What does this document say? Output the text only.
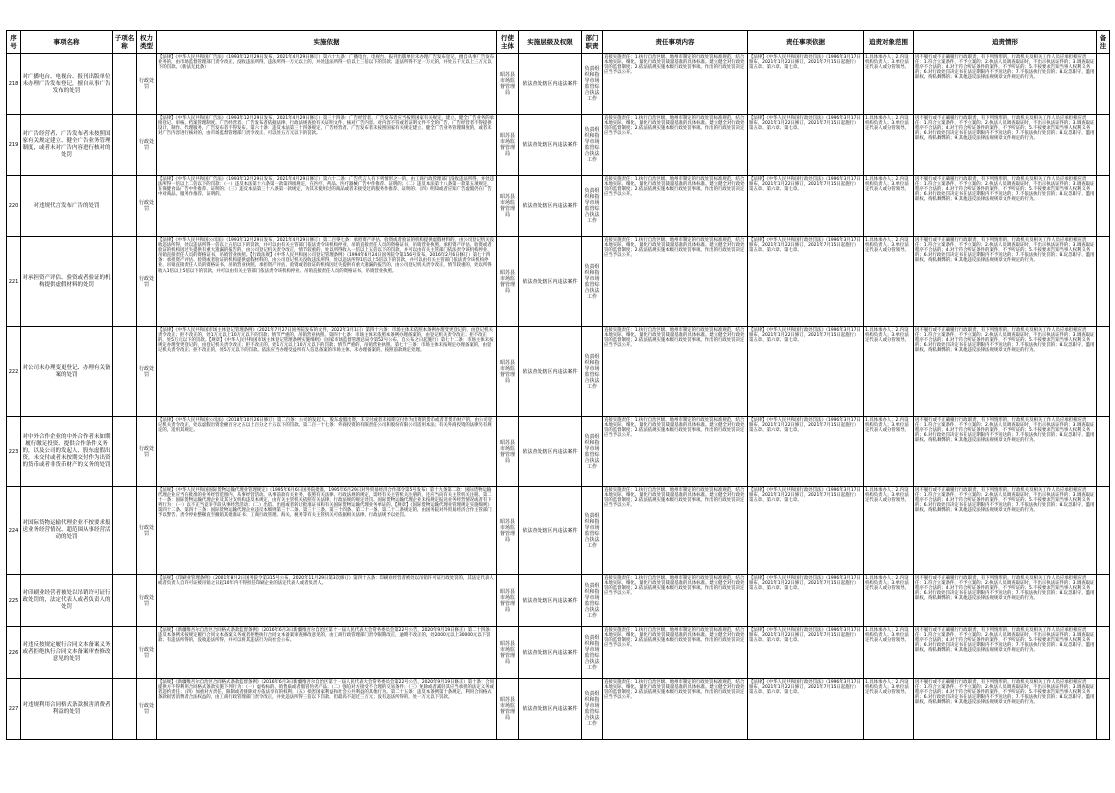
序号	事项名称	子项名称	权力类型	实施依据	行使主体	实施层级及权限	部门职责	责任事项内容	责任事项依据	追责对象范围	追责情形	备注
218	对广播电台、电视台、报刊出版单位未办理广告发布登记，擅自从事广告发布的处罚		行政处罚	【法律】《中华人民共和国广告法》（1993年12月29日发布，2021年4月29日修订）第六十九条：广播电台、电视台、报刊出版单位未办理广告发布登记，擅自从事广告发布业务的，由市场监督管理部门责令改正，没收违法所得，违法所得一万元以上的，并处违法所得一倍以上三倍以下的罚款；违法所得不足一万元的，并处五千元以上三万元以下的罚款。（新法无此条）	昭苏县市场监督管理局	依法查处辖区内违法案件	负责组织和指导市场监管综合执法工作	直接实施责任：1.执行自治区级、地州市制定的行政处罚标准规范，结合本地实际，细化、量化行政处罚裁量基准的具体标准。建立健全对行政处罚的监督制度；2.依法依规实施本级行政处罚事项。作出的行政处罚决定应当予以公开。	【法律】《中华人民共和国行政处罚法》（1996年3月17日颁布，2021年1月22日修订，2021年7月15日起施行）第五章、第六章、第七章。	1.具体承办人；2.内设机构负责人；3.单位法定代表人或分管领导。	因不履行或不正确履行行政职责，有下列情形的，行政机关及相关工作人员应承担相应责任：1.符合立案条件，不予立案的；2.执法人员调查取证时，不出示执法证件的；3.调查取证程序不合法的；4.对于符合听证条件的案件，不予听证的；5.不按要求告知当事人权利义务的；6.对行政处罚决定书在法定期限内不予送达的；7.不依法执行处罚的；8.玩忽职守、滥用职权、徇私舞弊的；9.其他违反法律法规规章文件规定的行为。	
219	对广告经营者、广告发布者未按照国家有关规定建立、健全广告业务管理制度，或者未对广告内容进行核对的处罚		行政处罚	【法律】《中华人民共和国广告法》（1993年12月29日发布，2021年4月29日修订）第三十四条：广告经营者、广告发布者应当按照国家有关规定，建立、健全广告业务的承接登记、审核、档案管理制度。广告经营者、广告发布者依据法律、行政法规查验有关证明文件，核对广告内容。对内容不符或者证明文件不全的广告，广告经营者不得提供设计、制作、代理服务，广告发布者不得发布。第六十条：违反本法第三十四条规定，广告经营者、广告发布者未按照国家有关规定建立、健全广告业务管理制度的，或者未对广告内容进行核对的，由市场监督管理部门责令改正，可以处五万元以下的罚款。	昭苏县市场监督管理局	依法查处辖区内违法案件	负责组织和指导市场监管综合执法工作	直接实施责任：1.执行自治区级、地州市制定的行政处罚标准规范，结合本地实际，细化、量化行政处罚裁量基准的具体标准。建立健全对行政处罚的监督制度；2.依法依规实施本级行政处罚事项。作出的行政处罚决定应当予以公开。	【法律】《中华人民共和国行政处罚法》（1996年3月17日颁布，2021年1月22日修订，2021年7月15日起施行）第五章、第六章、第七章。	1.具体承办人；2.内设机构负责人；3.单位法定代表人或分管领导。	因不履行或不正确履行行政职责，有下列情形的，行政机关及相关工作人员应承担相应责任：1.符合立案条件，不予立案的；2.执法人员调查取证时，不出示执法证件的；3.调查取证程序不合法的；4.对于符合听证条件的案件，不予听证的；5.不按要求告知当事人权利义务的；6.对行政处罚决定书在法定期限内不予送达的；7.不依法执行处罚的；8.玩忽职守、滥用职权、徇私舞弊的；9.其他违反法律法规规章文件规定的行为。	
220	对违规代言发布广告的处罚		行政处罚	【法律】《中华人民共和国广告法》（1993年12月29日发布，2021年4月29日修订）第六十二条：广告代言人有下列情形之一的，由工商行政管理部门没收违法所得，并处违法所得一倍以上二倍以下的罚款：（一）违反本法第十六条第一款第四项规定，在医疗、药品、医疗器械广告中作推荐、证明的；（二）违反本法第十八条第一款第五项规定，在保健食品广告中作推荐、证明的；（三）违反本法第三十八条第一款规定，为其未使用过的商品或者未接受过的服务作推荐、证明的；（四）明知或者应知广告虚假仍在广告中对商品、服务作推荐、证明的。	昭苏县市场监督管理局	依法查处辖区内违法案件	负责组织和指导市场监管综合执法工作	直接实施责任：1.执行自治区级、地州市制定的行政处罚标准规范，结合本地实际，细化、量化行政处罚裁量基准的具体标准。建立健全对行政处罚的监督制度；2.依法依规实施本级行政处罚事项。作出的行政处罚决定应当予以公开。	【法律】《中华人民共和国行政处罚法》（1996年3月17日颁布，2021年1月22日修订，2021年7月15日起施行）第五章、第六章、第七章。	1.具体承办人；2.内设机构负责人；3.单位法定代表人或分管领导。	因不履行或不正确履行行政职责，有下列情形的，行政机关及相关工作人员应承担相应责任：1.符合立案条件，不予立案的；2.执法人员调查取证时，不出示执法证件的；3.调查取证程序不合法的；4.对于符合听证条件的案件，不予听证的；5.不按要求告知当事人权利义务的；6.对行政处罚决定书在法定期限内不予送达的；7.不依法执行处罚的；8.玩忽职守、滥用职权、徇私舞弊的；9.其他违反法律法规规章文件规定的行为。	
221	对承担资产评估、验资或者验证的机构提供虚假材料的处罚		行政处罚	【法律】《中华人民共和国公司法》（1993年12月29日发布，2021年4月29日修订）第二百零七条：承担资产评估、验资或者验证的机构提供虚假材料的，由公司登记机关没收违法所得，处以违法所得一倍以上五倍以下的罚款，并可以由有关主管部门依法责令该机构停业、吊销直接责任人员的资格证书，吊销营业执照。承担资产评估、验资或者验证的机构因过失提供有重大遗漏的报告的，由公司登记机关责令改正，情节较重的，处以所得收入一倍以上五倍以下的罚款，并可以由有关主管部门依法责令该机构停业、吊销直接责任人员的资格证书，吊销营业执照。【行政法规】《中华人民共和国公司登记管理条例》（1994年6月24日国务院令第156号发布，2016年2月6日修订）第七十四条：承担资产评估、验资或者验证的机构提供虚假材料的，由公司登记机关没收违法所得，处以违法所得1倍以上5倍以下的罚款，并可以由有关主管部门依法责令该机构停业、吊销直接责任人员的资格证书，吊销营业执照。承担资产评估、验资或者验证的机构因过失提供有重大遗漏的报告的，由公司登记机关责令改正，情节较重的，处以所得收入1倍以上5倍以下的罚款，并可以由有关主管部门依法责令该机构停业、吊销直接责任人员的资格证书，吊销营业执照。	昭苏县市场监督管理局	依法查处辖区内违法案件	负责组织和指导市场监管综合执法工作	直接实施责任：1.执行自治区级、地州市制定的行政处罚标准规范，结合本地实际，细化、量化行政处罚裁量基准的具体标准。建立健全对行政处罚的监督制度；2.依法依规实施本级行政处罚事项。作出的行政处罚决定应当予以公开。	【法律】《中华人民共和国行政处罚法》（1996年3月17日颁布，2021年1月22日修订，2021年7月15日起施行）第五章、第六章、第七章。	1.具体承办人；2.内设机构负责人；3.单位法定代表人或分管领导。	因不履行或不正确履行行政职责，有下列情形的，行政机关及相关工作人员应承担相应责任：1.符合立案条件，不予立案的；2.执法人员调查取证时，不出示执法证件的；3.调查取证程序不合法的；4.对于符合听证条件的案件，不予听证的；5.不按要求告知当事人权利义务的；6.对行政处罚决定书在法定期限内不予送达的；7.不依法执行处罚的；8.玩忽职守、滥用职权、徇私舞弊的；9.其他违反法律法规规章文件规定的行为。	
222	对公司未办理变更登记、办理有关备案的处罚		行政处罚	【法律】《中华人民共和国市场主体登记管理条例》（2021年7月27日国务院发布的文件，2022年3月1日）第四十六条：市场主体未依照本条例办理变更登记的，由登记机关责令改正；拒不改正的，处1万元以上10万元以下的罚款；情节严重的，吊销营业执照。第四十七条：市场主体未依照本条例办理备案的，由登记机关责令改正；拒不改正的，处5万元以下的罚款。【规章】《中华人民共和国市场主体登记管理条例实施细则》（国家市场监督管理总局令第52号公布，自公布之日起施行）第七十二条：市场主体未按规定办理变更登记的，由登记机关责令改正；拒不改正的，处1万元以上10万元以下的罚款；情节严重的，吊销营业执照。第七十三条：市场主体未按规定办理备案的，由登记机关责令改正；拒不改正的，处5万元以下的罚款。依法应当办理受益所有人信息备案的市场主体，未办理备案的，按照前款规定处理。	昭苏县市场监督管理局	依法查处辖区内违法案件	负责组织和指导市场监管综合执法工作	直接实施责任：1.执行自治区级、地州市制定的行政处罚标准规范，结合本地实际，细化、量化行政处罚裁量基准的具体标准。建立健全对行政处罚的监督制度；2.依法依规实施本级行政处罚事项。作出的行政处罚决定应当予以公开。	【法律】《中华人民共和国行政处罚法》（1996年3月17日颁布，2021年1月22日修订，2021年7月15日起施行）第五章、第六章、第七章。	1.具体承办人；2.内设机构负责人；3.单位法定代表人或分管领导。	因不履行或不正确履行行政职责，有下列情形的，行政机关及相关工作人员应承担相应责任：1.符合立案条件，不予立案的；2.执法人员调查取证时，不出示执法证件的；3.调查取证程序不合法的；4.对于符合听证条件的案件，不予听证的；5.不按要求告知当事人权利义务的；6.对行政处罚决定书在法定期限内不予送达的；7.不依法执行处罚的；8.玩忽职守、滥用职权、徇私舞弊的；9.其他违反法律法规规章文件规定的行为。	
223	对中外合作企业的中外合作者未如期履行缴足投资、提供合作条件义务的，以及公司的发起人、股东虚假出资，未交付或者未按期交付作为出资的货币或者非货币财产的义务的处罚		行政处罚	【法律】《中华人民共和国公司法》（2018年10月26日修订）第二百条：公司的发起人、股东虚假出资，未交付或者未按期交付作为出资的货币或者非货币财产的，由公司登记机关责令改正，处以虚假出资金额百分之五以上百分之十五以下的罚款。第二百一十七条：外商投资的有限责任公司和股份有限公司适用本法；有关外商投资的法律另有规定的，适用其规定。	昭苏县市场监督管理局	依法查处辖区内违法案件	负责组织和指导市场监管综合执法工作	直接实施责任：1.执行自治区级、地州市制定的行政处罚标准规范，结合本地实际，细化、量化行政处罚裁量基准的具体标准。建立健全对行政处罚的监督制度；2.依法依规实施本级行政处罚事项。作出的行政处罚决定应当予以公开。	【法律】《中华人民共和国行政处罚法》（1996年3月17日颁布，2021年1月22日修订，2021年7月15日起施行）第五章、第六章、第七章。	1.具体承办人；2.内设机构负责人；3.单位法定代表人或分管领导。	因不履行或不正确履行行政职责，有下列情形的，行政机关及相关工作人员应承担相应责任：1.符合立案条件，不予立案的；2.执法人员调查取证时，不出示执法证件的；3.调查取证程序不合法的；4.对于符合听证条件的案件，不予听证的；5.不按要求告知当事人权利义务的；6.对行政处罚决定书在法定期限内不予送达的；7.不依法执行处罚的；8.玩忽职守、滥用职权、徇私舞弊的；9.其他违反法律法规规章文件规定的行为。	
224	对国际货物运输代理企业不按要求报送业务经营情况、超范围从事经营活动的处罚		行政处罚	【法规】《中华人民共和国国际货物运输代理业管理规定》（1995年6月6日国务院批准，1995年6月29日对外贸易经济合作部令第5号发布）第十九条第二款：国际货物运输代理企业应当在批准的业务经营范围内，从事经营活动。从事前款有关业务，依照有关法律、行政法规的规定，需经有关主管机关注册的，还应当向有关主管机关注册。第二十一条：国际货物运输代理企业及其分支机构违反本规定，由有关主管机关依照有关法律、行政法规的规定处罚。国际货物运输代理企业未按规定报送业务经营情况或者有下列行为：（一）以不正当竞争手段从事经营活动；（二）出借、出租或者转让批准证书和有关国际货物运输代理业务单证的。【规章】《国际货物运输代理业管理规定实施细则》第四十二条、第四十三条：国际货物运输代理企业违反本细则第三十二条、第三十三条、第三十四条、第二十一条、第二十二条规定的，由国务院对外贸易经济合作主管部门予以警告、责令停业整顿直至撤销其批准证书；工商行政管理、海关、税务等有关主管机关可依据相关法律、行政法规予以处罚。	昭苏县市场监督管理局	依法查处辖区内违法案件	负责组织和指导市场监管综合执法工作	直接实施责任：1.执行自治区级、地州市制定的行政处罚标准规范，结合本地实际，细化、量化行政处罚裁量基准的具体标准。建立健全对行政处罚的监督制度；2.依法依规实施本级行政处罚事项。作出的行政处罚决定应当予以公开。	【法律】《中华人民共和国行政处罚法》（1996年3月17日颁布，2021年1月22日修订，2021年7月15日起施行）第五章、第六章、第七章。	1.具体承办人；2.内设机构负责人；3.单位法定代表人或分管领导。	因不履行或不正确履行行政职责，有下列情形的，行政机关及相关工作人员应承担相应责任：1.符合立案条件，不予立案的；2.执法人员调查取证时，不出示执法证件的；3.调查取证程序不合法的；4.对于符合听证条件的案件，不予听证的；5.不按要求告知当事人权利义务的；6.对行政处罚决定书在法定期限内不予送达的；7.不依法执行处罚的；8.玩忽职守、滥用职权、徇私舞弊的；9.其他违反法律法规规章文件规定的行为。	
225	对印刷业经营者被处以吊销许可证行政处罚的，法定代表人或者负责人的处罚		行政处罚	【法规】《印刷业管理条例》（2001年8月2日国务院令第315号公布，2020年11月29日第3次修订）第四十五条：印刷业经营者被处以吊销许可证行政处罚的，其法定代表人或者负责人自许可证被吊销之日起10年内不得担任印刷企业的法定代表人或者负责人。	昭苏县市场监督管理局	依法查处辖区内违法案件	负责组织和指导市场监管综合执法工作	直接实施责任：1.执行自治区级、地州市制定的行政处罚标准规范，结合本地实际，细化、量化行政处罚裁量基准的具体标准。建立健全对行政处罚的监督制度；2.依法依规实施本级行政处罚事项。作出的行政处罚决定应当予以公开。	【法律】《中华人民共和国行政处罚法》（1996年3月17日颁布，2021年1月22日修订，2021年7月15日起施行）第五章、第六章、第七章。	1.具体承办人；2.内设机构负责人；3.单位法定代表人或分管领导。	因不履行或不正确履行行政职责，有下列情形的，行政机关及相关工作人员应承担相应责任：1.符合立案条件，不予立案的；2.执法人员调查取证时，不出示执法证件的；3.调查取证程序不合法的；4.对于符合听证条件的案件，不予听证的；5.不按要求告知当事人权利义务的；6.对行政处罚决定书在法定期限内不予送达的；7.不依法执行处罚的；8.玩忽职守、滥用职权、徇私舞弊的；9.其他违反法律法规规章文件规定的行为。	
226	对违反按规定履行合同文本备案义务或者拒绝执行合同文本备案审查修改意见的处罚		行政处罚	【法规】《新疆维吾尔自治区合同格式条款监督条例》（2016年6月3日新疆维吾尔自治区第十一届人民代表大会常务委员会第22号公告，2020年9月19日修正）第二十四条：违反本条例未按规定履行合同文本备案义务或者拒绝执行合同文本备案审查修改意见的，由工商行政管理部门责令限期改正，逾期不改正的，处2000元以上30000元以下罚款；有违法所得的，没收违法所得，并可以将其违法行为向社会公布。	昭苏县市场监督管理局	依法查处辖区内违法案件	负责组织和指导市场监管综合执法工作	直接实施责任：1.执行自治区级、地州市制定的行政处罚标准规范，结合本地实际，细化、量化行政处罚裁量基准的具体标准。建立健全对行政处罚的监督制度；2.依法依规实施本级行政处罚事项。作出的行政处罚决定应当予以公开。	【法律】《中华人民共和国行政处罚法》（1996年3月17日颁布，2021年1月22日修订，2021年7月15日起施行）第五章、第六章、第七章。	1.具体承办人；2.内设机构负责人；3.单位法定代表人或分管领导。	因不履行或不正确履行行政职责，有下列情形的，行政机关及相关工作人员应承担相应责任：1.符合立案条件，不予立案的；2.执法人员调查取证时，不出示执法证件的；3.调查取证程序不合法的；4.对于符合听证条件的案件，不予听证的；5.不按要求告知当事人权利义务的；6.对行政处罚决定书在法定期限内不予送达的；7.不依法执行处罚的；8.玩忽职守、滥用职权、徇私舞弊的；9.其他违反法律法规规章文件规定的行为。	
227	对违规利用合同格式条款损害消费者利益的处罚		行政处罚	【法规】《新疆维吾尔自治区合同格式条款监督条例》（2016年6月3日新疆维吾尔自治区第十一届人民代表大会常务委员会第22号公告，2020年9月19日修正）第十条：合同提供方不得利用合同格式条款实施下列行为：（一）虚构标的、销售质或者假冒伪劣产品；（二）强迫对方接受不合理的交易条件；（三）免除或者减轻其应当承担的法定义务或者违约责任；（四）加重对方责任、限制或者排除对方依法享有的权利；（五）损害国家利益和社会公共利益的其他行为。第二十五条：违反本条例第十条规定，利用合同格式条款损害消费者合法权益的，由工商行政管理部门责令改正，并处违法所得三倍以下罚款，但最高不超过三万元；没有违法所得的，处一万元以下罚款。	昭苏县市场监督管理局	依法查处辖区内违法案件	负责组织和指导市场监管综合执法工作	直接实施责任：1.执行自治区级、地州市制定的行政处罚标准规范，结合本地实际，细化、量化行政处罚裁量基准的具体标准。建立健全对行政处罚的监督制度；2.依法依规实施本级行政处罚事项。作出的行政处罚决定应当予以公开。	【法律】《中华人民共和国行政处罚法》（1996年3月17日颁布，2021年1月22日修订，2021年7月15日起施行）第五章、第六章、第七章。	1.具体承办人；2.内设机构负责人；3.单位法定代表人或分管领导。	因不履行或不正确履行行政职责，有下列情形的，行政机关及相关工作人员应承担相应责任：1.符合立案条件，不予立案的；2.执法人员调查取证时，不出示执法证件的；3.调查取证程序不合法的；4.对于符合听证条件的案件，不予听证的；5.不按要求告知当事人权利义务的；6.对行政处罚决定书在法定期限内不予送达的；7.不依法执行处罚的；8.玩忽职守、滥用职权、徇私舞弊的；9.其他违反法律法规规章文件规定的行为。	
